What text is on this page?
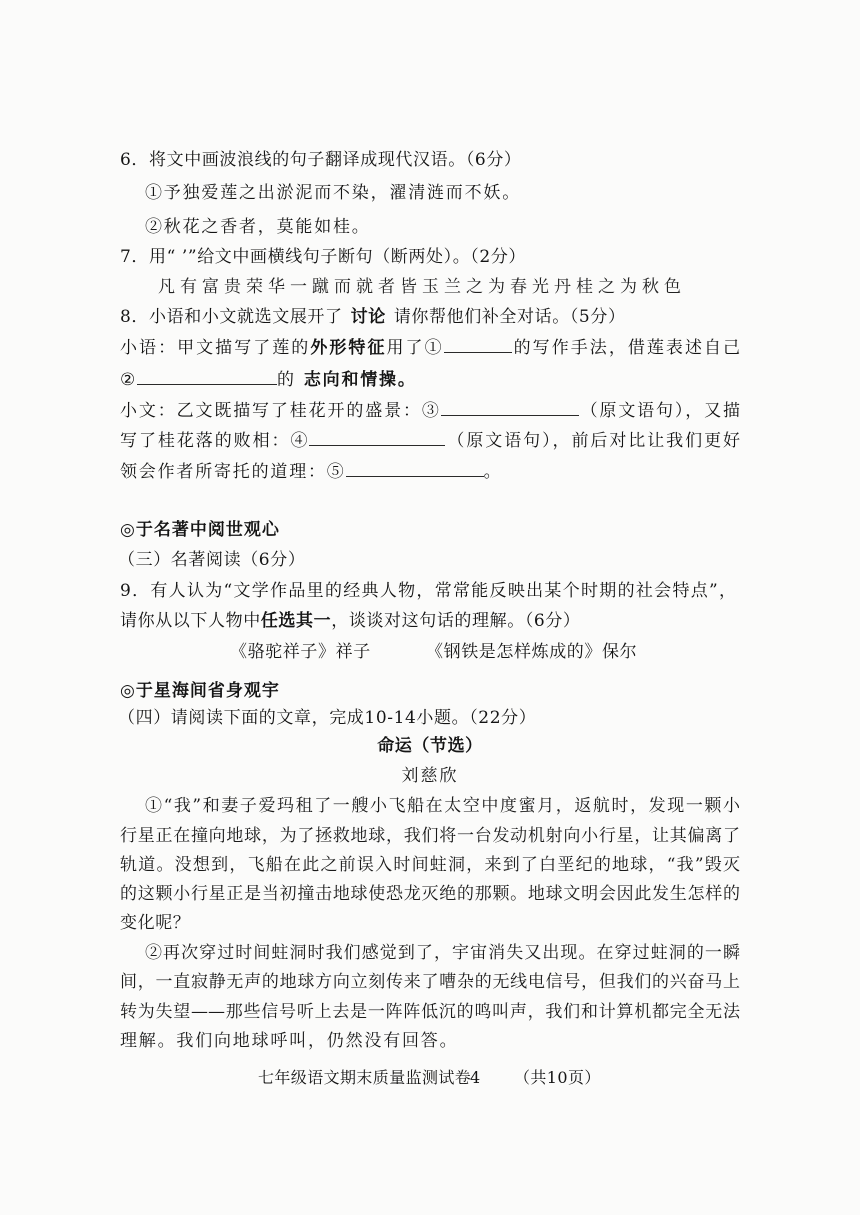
6．将文中画波浪线的句子翻译成现代汉语。（6分）
①予独爱莲之出淤泥而不染，濯清涟而不妖。
②秋花之香者，莫能如桂。
7．用“ ’”给文中画横线句子断句（断两处）。（2分）
凡有富贵荣华一蹴而就者皆玉兰之为春光丹桂之为秋色
8．小语和小文就选文展开了 讨论 请你帮他们补全对话。（5分）
小语：甲文描写了莲的外形特征用了①	的写作手法，借莲表述自己
②	的 志向和情操。
小文：乙文既描写了桂花开的盛景：③	（原文语句），又描
写了桂花落的败相：④	（原文语句），前后对比让我们更好
领会作者所寄托的道理：⑤	。
◎于名著中阅世观心
（三）名著阅读（6分）
9．有人认为“文学作品里的经典人物，常常能反映出某个时期的社会特点”，
请你从以下人物中任选其一，谈谈对这句话的理解。（6分）
《骆驼祥子》祥子	《钢铁是怎样炼成的》保尔
◎于星海间省身观宇
（四）请阅读下面的文章，完成10-14小题。（22分）
命运（节选）
刘慈欣
①“我”和妻子爱玛租了一艘小飞船在太空中度蜜月，返航时，发现一颗小
行星正在撞向地球，为了拯救地球，我们将一台发动机射向小行星，让其偏离了
轨道。没想到，飞船在此之前误入时间蛀洞，来到了白垩纪的地球，“我”毁灭
的这颗小行星正是当初撞击地球使恐龙灭绝的那颗。地球文明会因此发生怎样的
变化呢？
②再次穿过时间蛀洞时我们感觉到了，宇宙消失又出现。在穿过蛀洞的一瞬
间，一直寂静无声的地球方向立刻传来了嘈杂的无线电信号，但我们的兴奋马上
转为失望——那些信号听上去是一阵阵低沉的鸣叫声，我们和计算机都完全无法
理解。我们向地球呼叫，仍然没有回答。
七年级语文期末质量监测试卷
4 （共10页）
